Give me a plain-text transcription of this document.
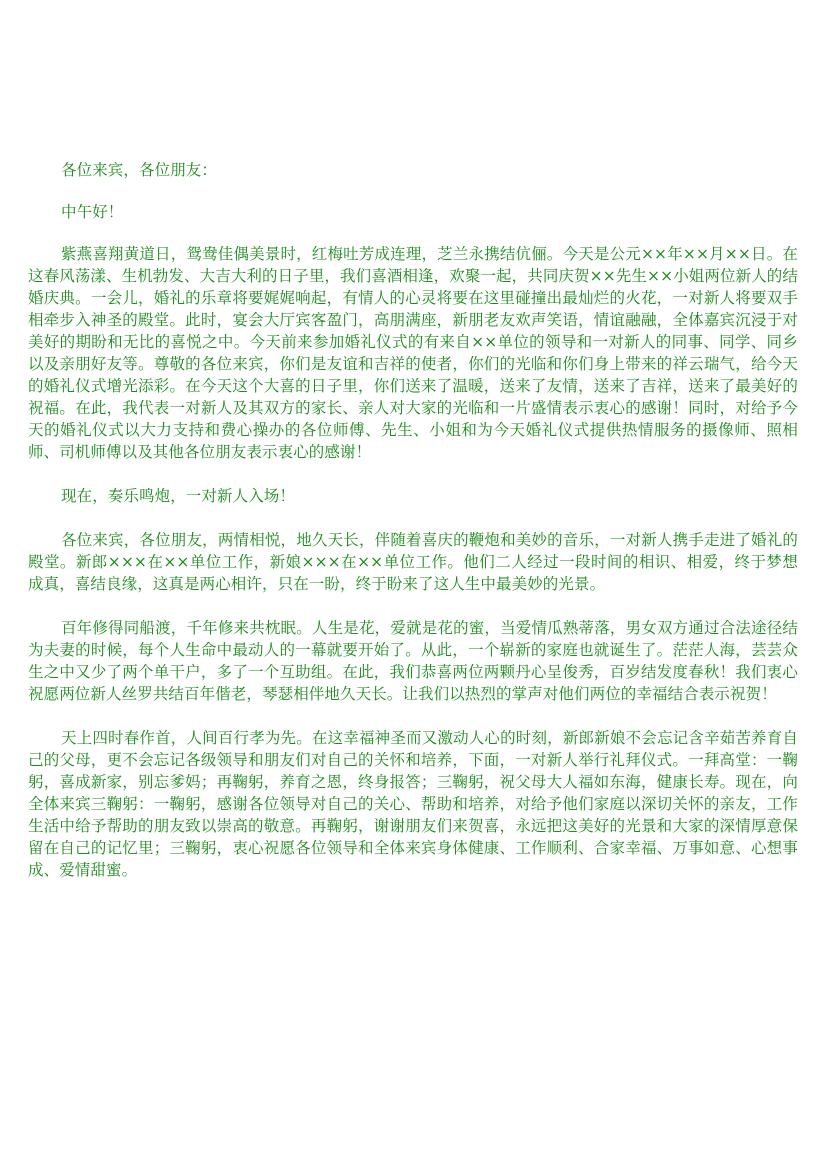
各位来宾，各位朋友：

中午好！

紫燕喜翔黄道日，鸳鸯佳偶美景时，红梅吐芳成连理，芝兰永携结伉俪。今天是公元××年××月××日。在这春风荡漾、生机勃发、大吉大利的日子里，我们喜酒相逢，欢聚一起，共同庆贺××先生××小姐两位新人的结婚庆典。一会儿，婚礼的乐章将要娓娓响起，有情人的心灵将要在这里碰撞出最灿烂的火花，一对新人将要双手相牵步入神圣的殿堂。此时，宴会大厅宾客盈门，高朋满座，新朋老友欢声笑语，情谊融融，全体嘉宾沉浸于对美好的期盼和无比的喜悦之中。今天前来参加婚礼仪式的有来自××单位的领导和一对新人的同事、同学、同乡以及亲朋好友等。尊敬的各位来宾，你们是友谊和吉祥的使者，你们的光临和你们身上带来的祥云瑞气，给今天的婚礼仪式增光添彩。在今天这个大喜的日子里，你们送来了温暖，送来了友情，送来了吉祥，送来了最美好的祝福。在此，我代表一对新人及其双方的家长、亲人对大家的光临和一片盛情表示衷心的感谢！同时，对给予今天的婚礼仪式以大力支持和费心操办的各位师傅、先生、小姐和为今天婚礼仪式提供热情服务的摄像师、照相师、司机师傅以及其他各位朋友表示衷心的感谢！

现在，奏乐鸣炮，一对新人入场！

各位来宾，各位朋友，两情相悦，地久天长，伴随着喜庆的鞭炮和美妙的音乐，一对新人携手走进了婚礼的殿堂。新郎×××在××单位工作，新娘×××在××单位工作。他们二人经过一段时间的相识、相爱，终于梦想成真，喜结良缘，这真是两心相许，只在一盼，终于盼来了这人生中最美妙的光景。

百年修得同船渡，千年修来共枕眠。人生是花，爱就是花的蜜，当爱情瓜熟蒂落，男女双方通过合法途径结为夫妻的时候，每个人生命中最动人的一幕就要开始了。从此，一个崭新的家庭也就诞生了。茫茫人海，芸芸众生之中又少了两个单干户，多了一个互助组。在此，我们恭喜两位两颗丹心呈俊秀，百岁结发度春秋！我们衷心祝愿两位新人丝罗共结百年偕老，琴瑟相伴地久天长。让我们以热烈的掌声对他们两位的幸福结合表示祝贺！

天上四时春作首，人间百行孝为先。在这幸福神圣而又激动人心的时刻，新郎新娘不会忘记含辛茹苦养育自己的父母，更不会忘记各级领导和朋友们对自己的关怀和培养，下面，一对新人举行礼拜仪式。一拜高堂：一鞠躬，喜成新家，别忘爹妈；再鞠躬，养育之恩，终身报答；三鞠躬，祝父母大人福如东海，健康长寿。现在，向全体来宾三鞠躬：一鞠躬，感谢各位领导对自己的关心、帮助和培养，对给予他们家庭以深切关怀的亲友，工作生活中给予帮助的朋友致以崇高的敬意。再鞠躬，谢谢朋友们来贺喜，永远把这美好的光景和大家的深情厚意保留在自己的记忆里；三鞠躬，衷心祝愿各位领导和全体来宾身体健康、工作顺利、合家幸福、万事如意、心想事成、爱情甜蜜。
